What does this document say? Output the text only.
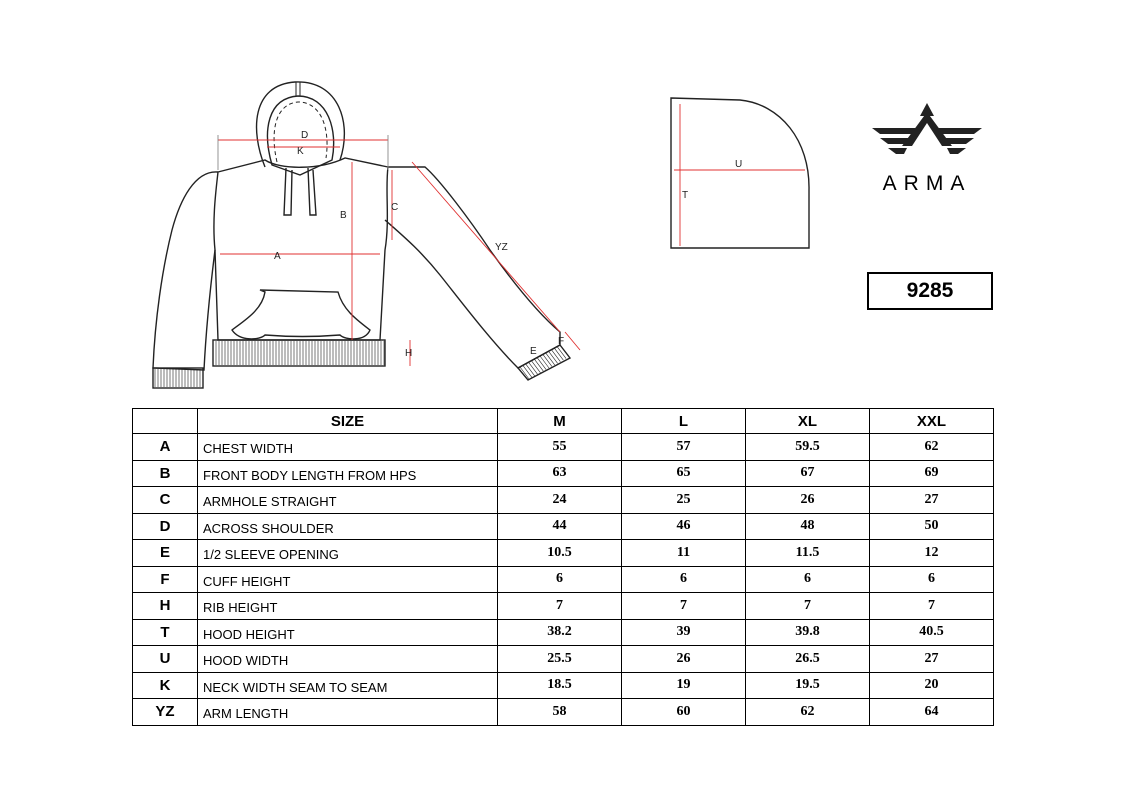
A
B
C
D
K
H
YZ
F
E
U
T
ARMA
9285
	SIZE	M	L	XL	XXL
A	CHEST WIDTH	55	57	59.5	62
B	FRONT BODY LENGTH FROM HPS	63	65	67	69
C	ARMHOLE STRAIGHT	24	25	26	27
D	ACROSS SHOULDER	44	46	48	50
E	1/2 SLEEVE OPENING	10.5	11	11.5	12
F	CUFF HEIGHT	6	6	6	6
H	RIB HEIGHT	7	7	7	7
T	HOOD HEIGHT	38.2	39	39.8	40.5
U	HOOD WIDTH	25.5	26	26.5	27
K	NECK WIDTH SEAM TO SEAM	18.5	19	19.5	20
YZ	ARM LENGTH	58	60	62	64
